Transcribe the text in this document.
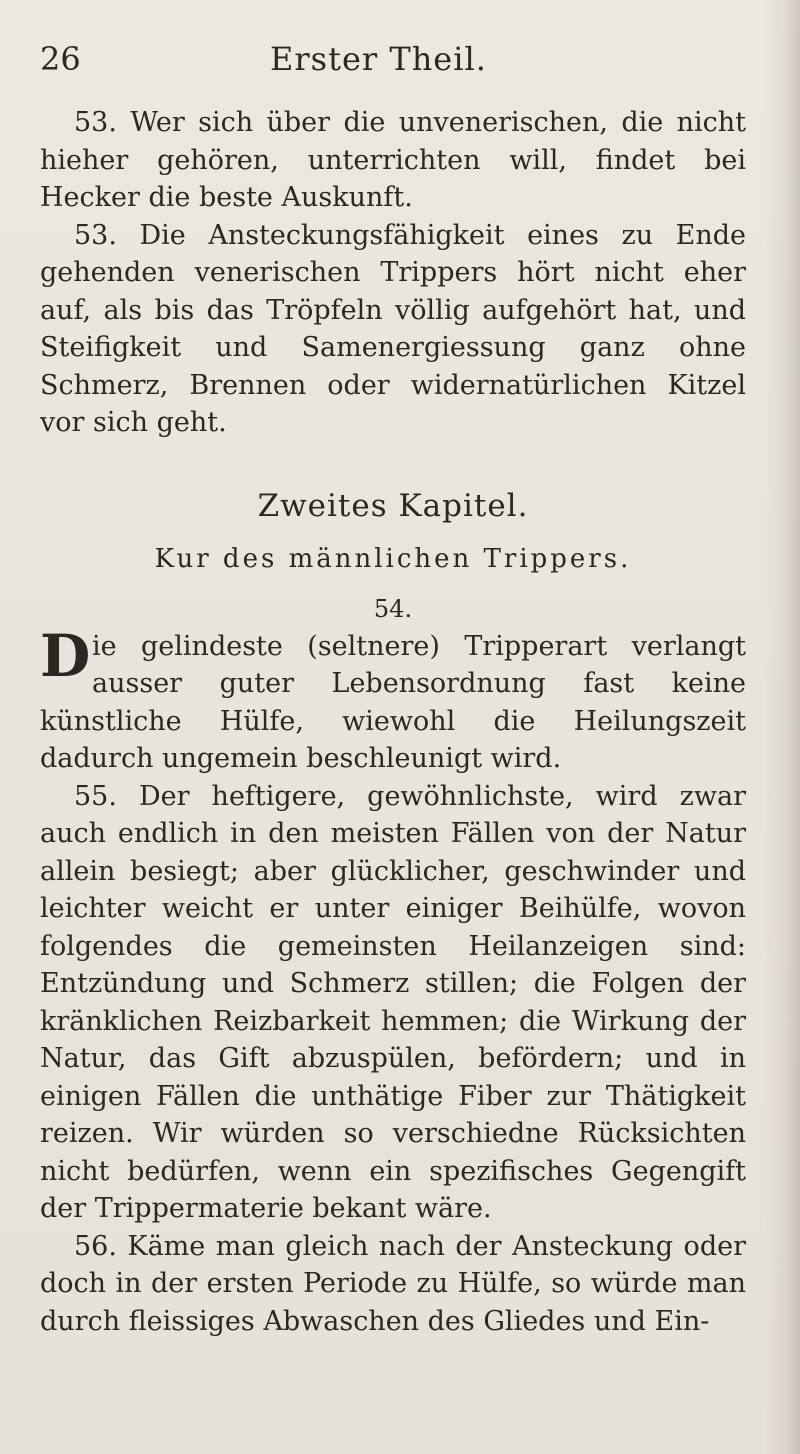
26	Erster Theil.

53. Wer sich über die unvenerischen, die nicht hieher gehören, unterrichten will, findet bei Hecker die beste Auskunft.

53. Die Ansteckungsfähigkeit eines zu Ende gehenden venerischen Trippers hört nicht eher auf, als bis das Tröpfeln völlig aufgehört hat, und Steifigkeit und Samenergiessung ganz ohne Schmerz, Brennen oder widernatürlichen Kitzel vor sich geht.

Zweites Kapitel.
Kur des männlichen Trippers.
54.

Die gelindeste (seltnere) Tripperart verlangt ausser guter Lebensordnung fast keine künstliche Hülfe, wiewohl die Heilungszeit dadurch ungemein beschleunigt wird.

55. Der heftigere, gewöhnlichste, wird zwar auch endlich in den meisten Fällen von der Natur allein besiegt; aber glücklicher, geschwinder und leichter weicht er unter einiger Beihülfe, wovon folgendes die gemeinsten Heilanzeigen sind: Entzündung und Schmerz stillen; die Folgen der kränklichen Reizbarkeit hemmen; die Wirkung der Natur, das Gift abzuspülen, befördern; und in einigen Fällen die unthätige Fiber zur Thätigkeit reizen. Wir würden so verschiedne Rücksichten nicht bedürfen, wenn ein spezifisches Gegengift der Trippermaterie bekant wäre.

56. Käme man gleich nach der Ansteckung oder doch in der ersten Periode zu Hülfe, so würde man durch fleissiges Abwaschen des Gliedes und Ein-
